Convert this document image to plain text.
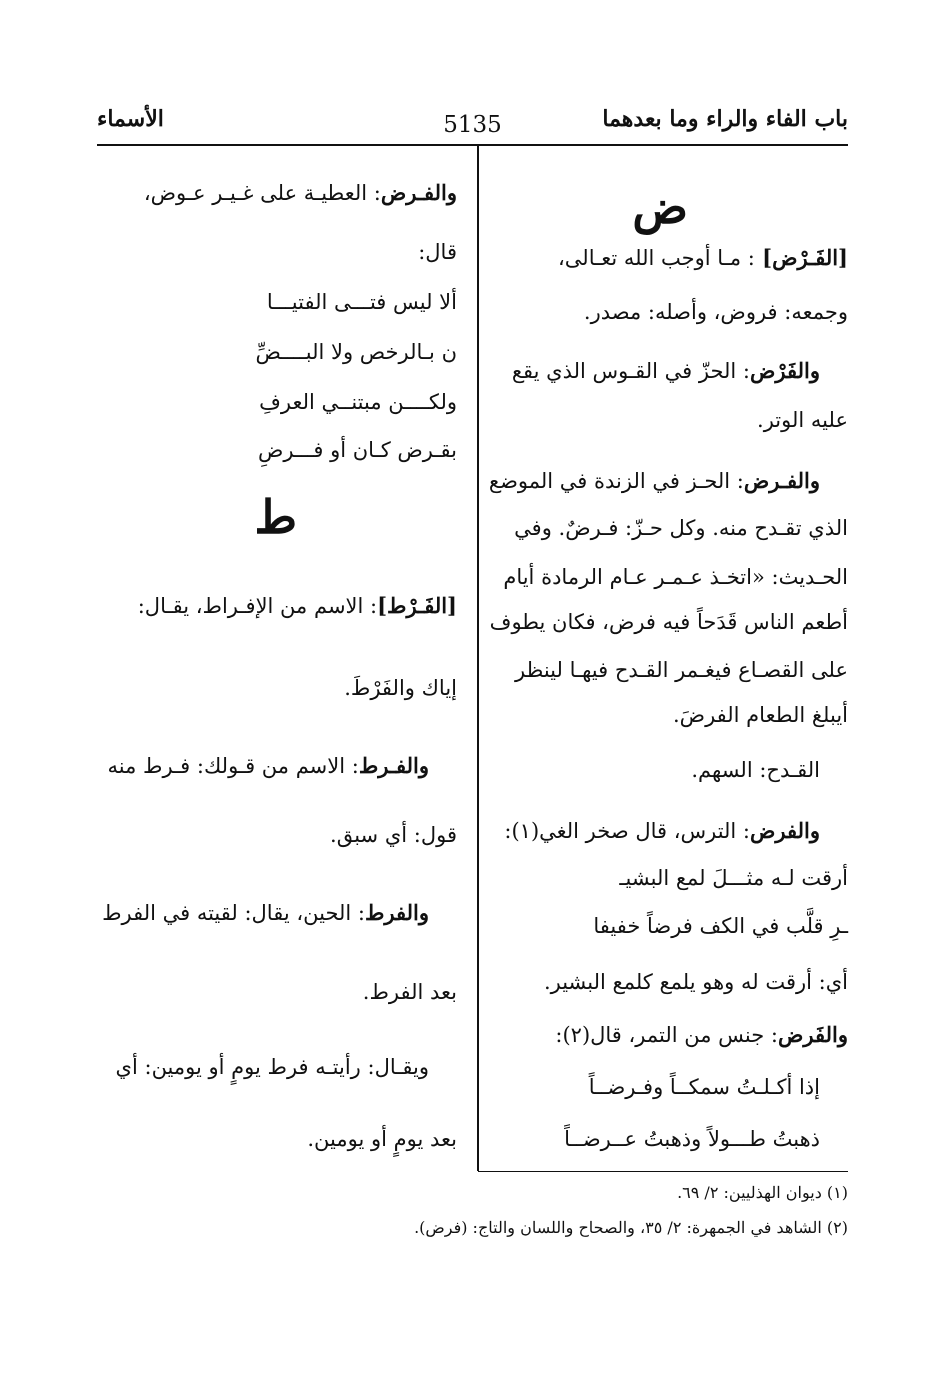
باب الفاء والراء وما بعدهما
5135
الأسماء
ض
[الفَـرْض] : مـا أوجب الله تعـالى،
وجمعه: فروض، وأصله: مصدر.
والفَرْض: الحزّ في القـوس الذي يقع
عليه الوتر.
والفـرض: الحـز في الزندة في الموضع
الذي تقـدح منه. وكل حـزّ: فـرضٌ. وفي
الحـديث: «اتخـذ عـمـر عـام الرمادة أيام
أطعم الناس قَدَحاً فيه فرض، فكان يطوف
على القصـاع فيغـمر القـدح فيهـا لينظر
أيبلغ الطعام الفرضَ.
القـدح: السهم.
والفرض: الترس، قال صخر الغي(١):
أرقت لـه مثـــلَ لمع البشيـ
ـرِ قلَّب في الكف فرضاً خفيفا
أي: أرقت له وهو يلمع كلمع البشير.
والفَرض: جنس من التمر، قال(٢):
إذا أكـلـتُ سمكــاً وفـرضــاً
ذهبتُ طـــولاً وذهبتُ عــرضــاً
ط
والفـرض: العطيـة على غـيـر عـوض،
قال:
ألا ليس فتـــى الفتيـــا
ن بـالرخص ولا البــــضِّ
ولكــــن مبتنــي العرفِ
بقـرض كـان أو فـــرضِ
[الفَـرْط]: الاسم من الإفـراط، يقـال:
إياك والفَرْطَ.
والفـرط: الاسم من قـولك: فـرط منه
قول: أي سبق.
والفرط: الحين، يقال: لقيته في الفرط
بعد الفرط.
ويقـال: رأيتـه فرط يومٍ أو يومين: أي
بعد يومٍ أو يومين.
(١) ديوان الهذليين: ٢/ ٦٩.
(٢) الشاهد في الجمهرة: ٢/ ٣٥، والصحاح واللسان والتاج: (فرض).
